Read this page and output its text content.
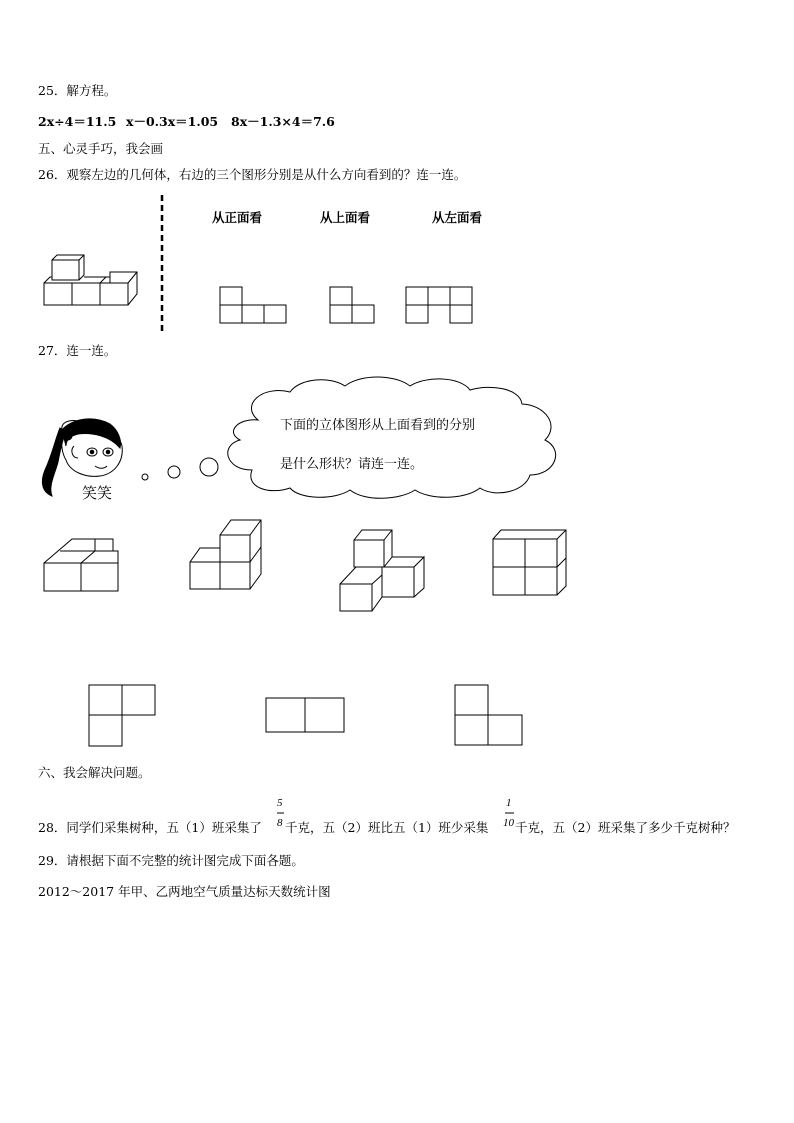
25．解方程。
2x÷4＝11.5 x－0.3x＝1.05 8x－1.3×4＝7.6
五、心灵手巧，我会画
26．观察左边的几何体，右边的三个图形分别是从什么方向看到的？连一连。
从正面看	从上面看	从左面看
27．连一连。
下面的立体图形从上面看到的分别
是什么形状？请连一连。
笑笑
六、我会解决问题。
28．同学们采集树种，五（1）班采集了
5
8 千克，五（2）班比五（1）班少采集
1
10 千克，五（2）班采集了多少千克树种？
29．请根据下面不完整的统计图完成下面各题。
2012～2017 年甲、乙两地空气质量达标天数统计图
